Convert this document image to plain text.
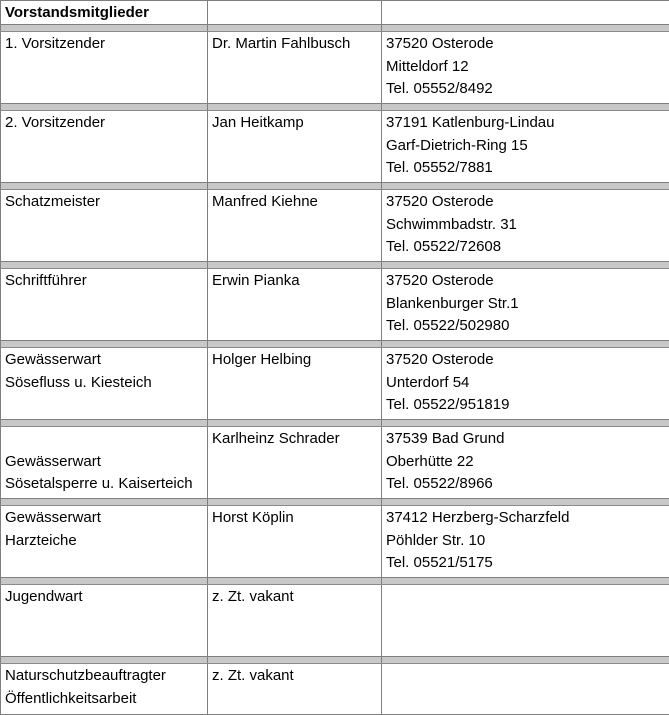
Vorstandsmitglieder		

1. Vorsitzender	Dr. Martin Fahlbusch	37520 Osterode
Mitteldorf 12
Tel. 05552/8492

2. Vorsitzender	Jan Heitkamp	37191 Katlenburg-Lindau
Garf-Dietrich-Ring 15
Tel. 05552/7881

Schatzmeister	Manfred Kiehne	37520 Osterode
Schwimmbadstr. 31
Tel. 05522/72608

Schriftführer	Erwin Pianka	37520 Osterode
Blankenburger Str.1
Tel. 05522/502980

Gewässerwart
Sösefluss u. Kiesteich	Holger Helbing	37520 Osterode
Unterdorf 54
Tel. 05522/951819

Gewässerwart
Sösetalsperre u. Kaiserteich	Karlheinz Schrader	37539 Bad Grund
Oberhütte 22
Tel. 05522/8966

Gewässerwart
Harzteiche	Horst Köplin	37412 Herzberg-Scharzfeld
Pöhlder Str. 10
Tel. 05521/5175

Jugendwart	z. Zt. vakant	

Naturschutzbeauftragter
Öffentlichkeitsarbeit	z. Zt. vakant	
